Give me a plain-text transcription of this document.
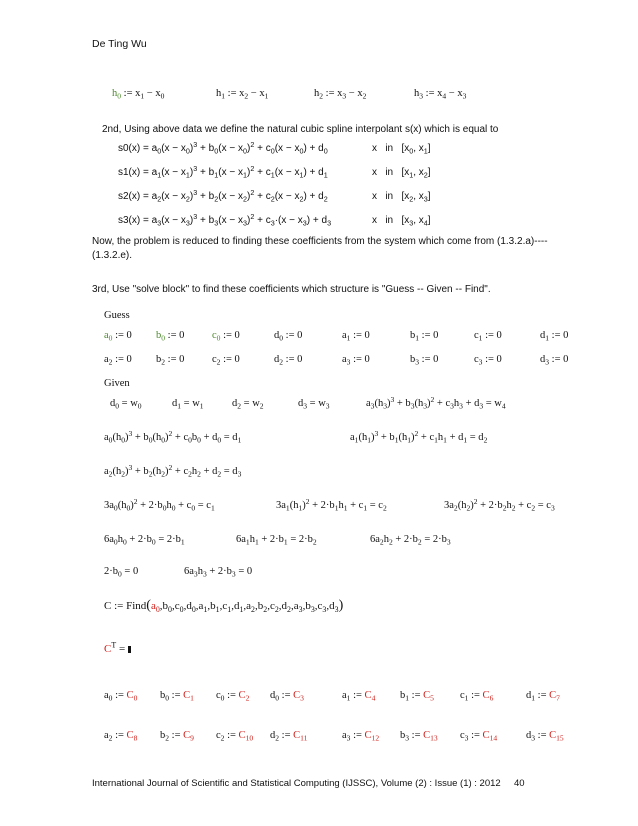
De Ting Wu
$h_0$ := $x_1 - x_0$	$h_1$ := $x_2 - x_1$	$h_2$ := $x_3 - x_2$	$h_3$ := $x_4 - x_3$
2nd, Using above data we define the natural cubic spline interpolant s(x) which is equal to
$s0(x) = a_0(x - x_0)^3 + b_0(x - x_0)^2 + c_0(x - x_0) + d_0$	x   in   [$x_0$, $x_1$]
$s1(x) = a_1(x - x_1)^3 + b_1(x - x_1)^2 + c_1(x - x_1) + d_1$	x   in   [$x_1$, $x_2$]
$s2(x) = a_2(x - x_2)^3 + b_2(x - x_2)^2 + c_2(x - x_2) + d_2$	x   in   [$x_2$, $x_3$]
$s3(x) = a_3(x - x_3)^3 + b_3(x - x_3)^2 + c_3\cdot(x - x_3) + d_3$	x   in   [$x_3$, $x_4$]
Now, the problem is reduced to finding these coefficients from the system which come from (1.3.2.a)----
(1.3.2.e).
3rd, Use "solve block" to find these coefficients which structure is "Guess -- Given -- Find".
Guess
$a_0$ := 0 $b_0$ := 0	$c_0$ := 0	$d_0$ := 0	$a_1$ := 0	$b_1$ := 0	$c_1$ := 0	$d_1$ := 0
$a_2$ := 0 $b_2$ := 0	$c_2$ := 0	$d_2$ := 0	$a_3$ := 0	$b_3$ := 0	$c_3$ := 0	$d_3$ := 0
Given
$d_0 = w_0$	$d_1 = w_1$	$d_2 = w_2$	$d_3 = w_3$	$a_3(h_3)^3 + b_3(h_3)^2 + c_3h_3 + d_3 = w_4$
$a_0(h_0)^3 + b_0(h_0)^2 + c_0b_0 + d_0 = d_1$	$a_1(h_1)^3 + b_1(h_1)^2 + c_1h_1 + d_1 = d_2$
$a_2(h_2)^3 + b_2(h_2)^2 + c_2h_2 + d_2 = d_3$
$3a_0(h_0)^2 + 2\cdot b_0h_0 + c_0 = c_1$	$3a_1(h_1)^2 + 2\cdot b_1h_1 + c_1 = c_2$	$3a_2(h_2)^2 + 2\cdot b_2h_2 + c_2 = c_3$
$6a_0h_0 + 2\cdot b_0 = 2\cdot b_1$	$6a_1h_1 + 2\cdot b_1 = 2\cdot b_2$	$6a_2h_2 + 2\cdot b_2 = 2\cdot b_3$
$2\cdot b_0 = 0$	$6a_3h_3 + 2\cdot b_3 = 0$
C := $Find(a_0,b_0,c_0,d_0,a_1,b_1,c_1,d_1,a_2,b_2,c_2,d_2,a_3,b_3,c_3,d_3)$
$C^T$ =
$a_0$ := $C_0$ $b_0$ := $C_1$ $c_0$ := $C_2$ $d_0$ := $C_3$	$a_1$ := $C_4$ $b_1$ := $C_5$ $c_1$ := $C_6$	$d_1$ := $C_7$
$a_2$ := $C_8$ $b_2$ := $C_9$ $c_2$ := $C_{10}$ $d_2$ := $C_{11}$	$a_3$ := $C_{12}$ $b_3$ := $C_{13}$ $c_3$ := $C_{14}$	$d_3$ := $C_{15}$
International Journal of Scientific and Statistical Computing (IJSSC), Volume (2) : Issue (1) : 2012 40
